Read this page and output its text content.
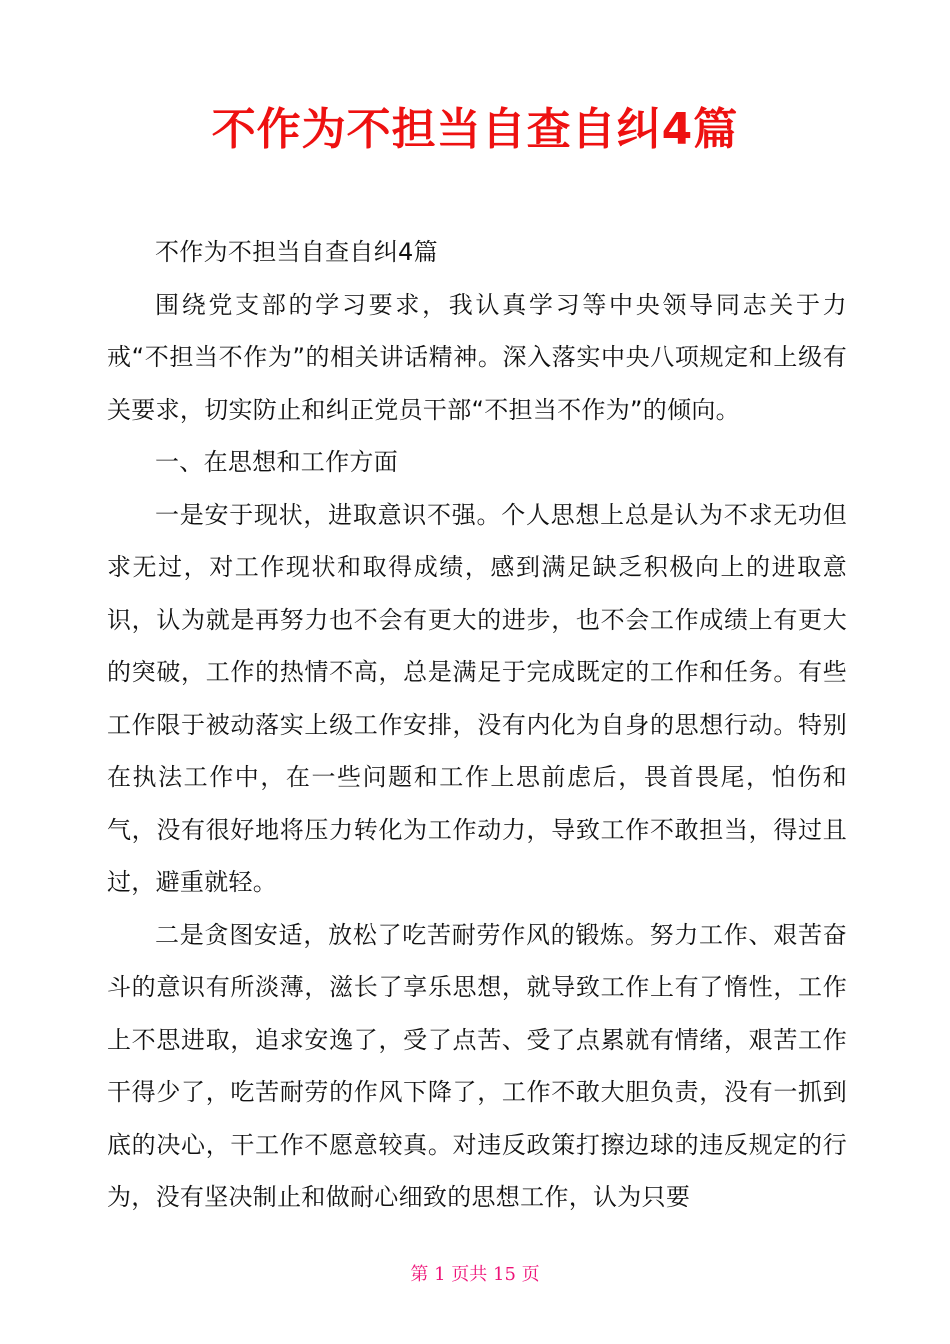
不作为不担当自查自纠4篇

不作为不担当自查自纠4篇

围绕党支部的学习要求，我认真学习等中央领导同志关于力戒“不担当不作为”的相关讲话精神。深入落实中央八项规定和上级有关要求，切实防止和纠正党员干部“不担当不作为”的倾向。

一、在思想和工作方面

一是安于现状，进取意识不强。个人思想上总是认为不求无功但求无过，对工作现状和取得成绩，感到满足缺乏积极向上的进取意识，认为就是再努力也不会有更大的进步，也不会工作成绩上有更大的突破，工作的热情不高，总是满足于完成既定的工作和任务。有些工作限于被动落实上级工作安排，没有内化为自身的思想行动。特别在执法工作中，在一些问题和工作上思前虑后，畏首畏尾，怕伤和气，没有很好地将压力转化为工作动力，导致工作不敢担当，得过且过，避重就轻。

二是贪图安适，放松了吃苦耐劳作风的锻炼。努力工作、艰苦奋斗的意识有所淡薄，滋长了享乐思想，就导致工作上有了惰性，工作上不思进取，追求安逸了，受了点苦、受了点累就有情绪，艰苦工作干得少了，吃苦耐劳的作风下降了，工作不敢大胆负责，没有一抓到底的决心，干工作不愿意较真。对违反政策打擦边球的违反规定的行为，没有坚决制止和做耐心细致的思想工作，认为只要

第 1 页共 15 页
